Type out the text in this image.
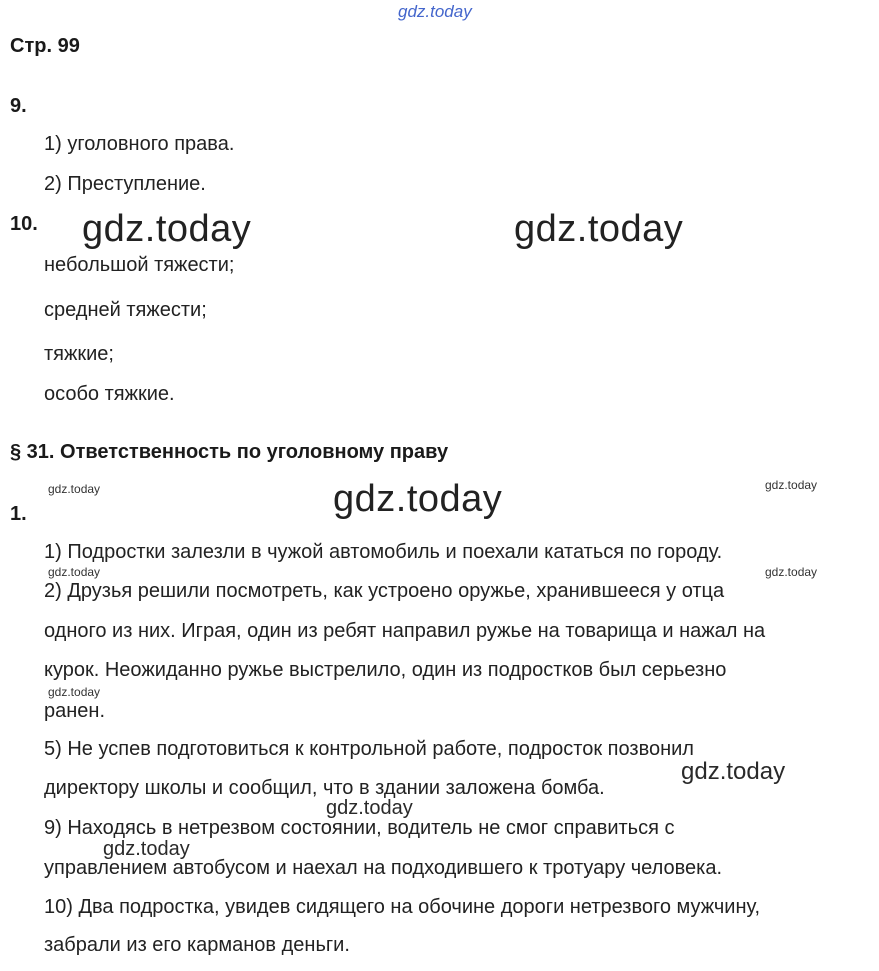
gdz.today
Стр. 99
9.
1) уголовного права.
2) Преступление.
10. gdz.today	gdz.today
небольшой тяжести;
средней тяжести;
тяжкие;
особо тяжкие.
§ 31. Ответственность по уголовному праву
gdz.today	gdz.today	gdz.today
1.
1) Подростки залезли в чужой автомобиль и поехали кататься по городу.
gdz.today	gdz.today
2) Друзья решили посмотреть, как устроено оружье, хранившееся у отца
одного из них. Играя, один из ребят направил ружье на товарища и нажал на
курок. Неожиданно ружье выстрелило, один из подростков был серьезно
gdz.today
ранен.
5) Не успев подготовиться к контрольной работе, подросток позвонил
директору школы и сообщил, что в здании заложена бомба.
gdz.today
gdz.today
9) Находясь в нетрезвом состоянии, водитель не смог справиться с
gdz.today
управлением автобусом и наехал на подходившего к тротуару человека.
10) Два подростка, увидев сидящего на обочине дороги нетрезвого мужчину,
забрали из его карманов деньги.
